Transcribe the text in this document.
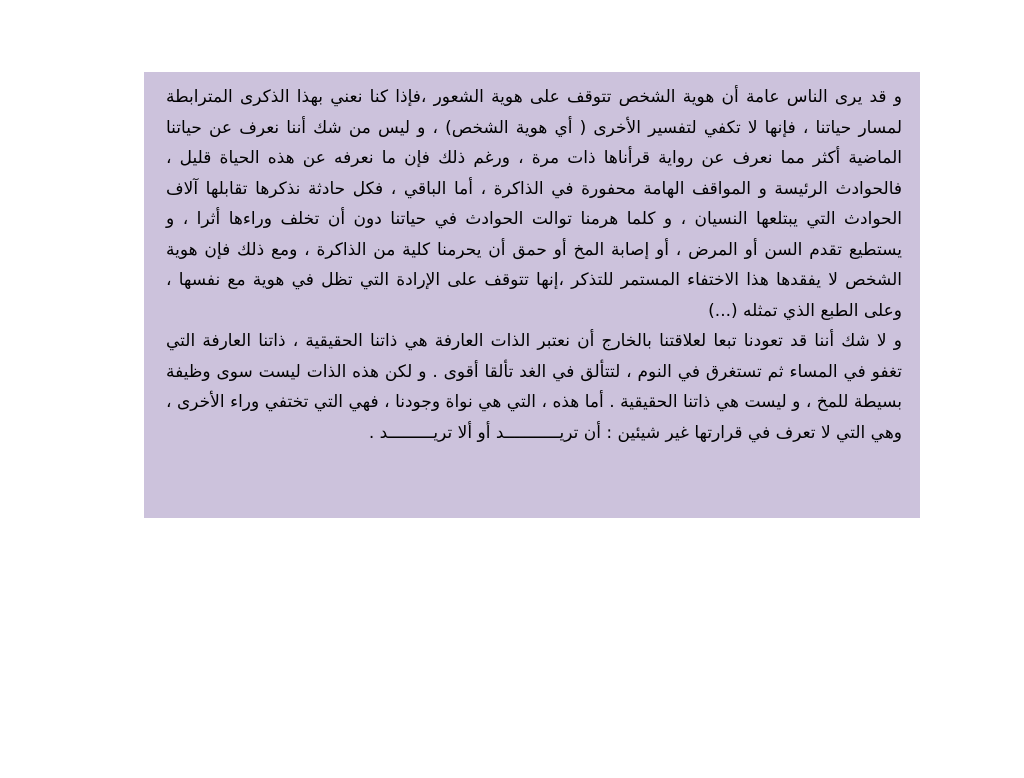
و قد يرى الناس عامة أن هوية الشخص تتوقف على هوية الشعور ،فإذا كنا نعني بهذا الذكرى المترابطة لمسار حياتنا ، فإنها لا تكفي لتفسير الأخرى ( أي هوية الشخص) ، و ليس من شك أننا نعرف عن حياتنا الماضية أكثر مما نعرف عن رواية قرأناها ذات مرة ، ورغم ذلك فإن ما نعرفه عن هذه الحياة قليل ، فالحوادث الرئيسة و المواقف الهامة محفورة في الذاكرة ، أما الباقي ، فكل حادثة نذكرها تقابلها آلاف الحوادث التي يبتلعها النسيان ، و كلما هرمنا توالت الحوادث في حياتنا دون أن تخلف وراءها أثرا ، و يستطيع تقدم السن أو المرض ، أو إصابة المخ أو حمق أن يحرمنا كلية من الذاكرة ، ومع ذلك فإن هوية الشخص لا يفقدها هذا الاختفاء المستمر للتذكر ،إنها تتوقف على الإرادة التي تظل في هوية مع نفسها ، وعلى الطبع الذي تمثله (...)

و لا شك أننا قد تعودنا تبعا لعلاقتنا بالخارج أن نعتبر الذات العارفة هي ذاتنا الحقيقية ، ذاتنا العارفة التي تغفو في المساء ثم تستغرق في النوم ، لتتألق في الغد تألقا أقوى . و لكن هذه الذات ليست سوى وظيفة بسيطة للمخ ، و ليست هي ذاتنا الحقيقية . أما هذه ، التي هي نواة وجودنا ، فهي التي تختفي وراء الأخرى ، وهي التي لا تعرف في قرارتها غير شيئين : أن تريـــــــــــد أو ألا تريـــــــــد .
